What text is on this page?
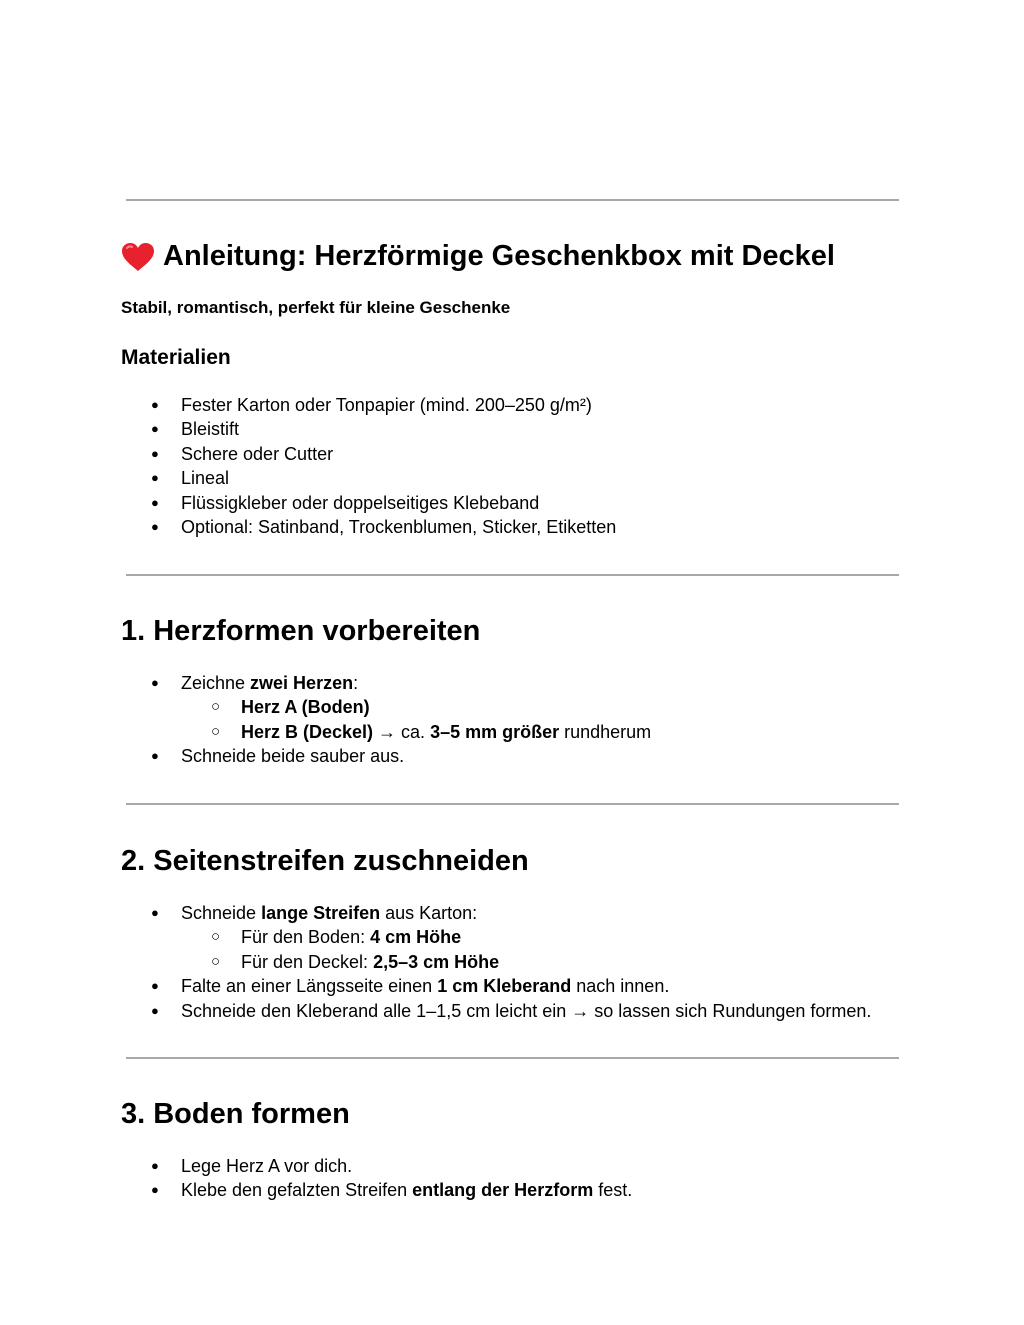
Anleitung: Herzförmige Geschenkbox mit Deckel

Stabil, romantisch, perfekt für kleine Geschenke

Materialien
● Fester Karton oder Tonpapier (mind. 200–250 g/m²)
● Bleistift
● Schere oder Cutter
● Lineal
● Flüssigkleber oder doppelseitiges Klebeband
● Optional: Satinband, Trockenblumen, Sticker, Etiketten
1. Herzformen vorbereiten
● Zeichne zwei Herzen:
○ Herz A (Boden)
○ Herz B (Deckel) → ca. 3–5 mm größer rundherum
● Schneide beide sauber aus.
2. Seitenstreifen zuschneiden
● Schneide lange Streifen aus Karton:
○ Für den Boden: 4 cm Höhe
○ Für den Deckel: 2,5–3 cm Höhe
● Falte an einer Längsseite einen 1 cm Kleberand nach innen.
● Schneide den Kleberand alle 1–1,5 cm leicht ein → so lassen sich Rundungen formen.
3. Boden formen
● Lege Herz A vor dich.
● Klebe den gefalzten Streifen entlang der Herzform fest.
